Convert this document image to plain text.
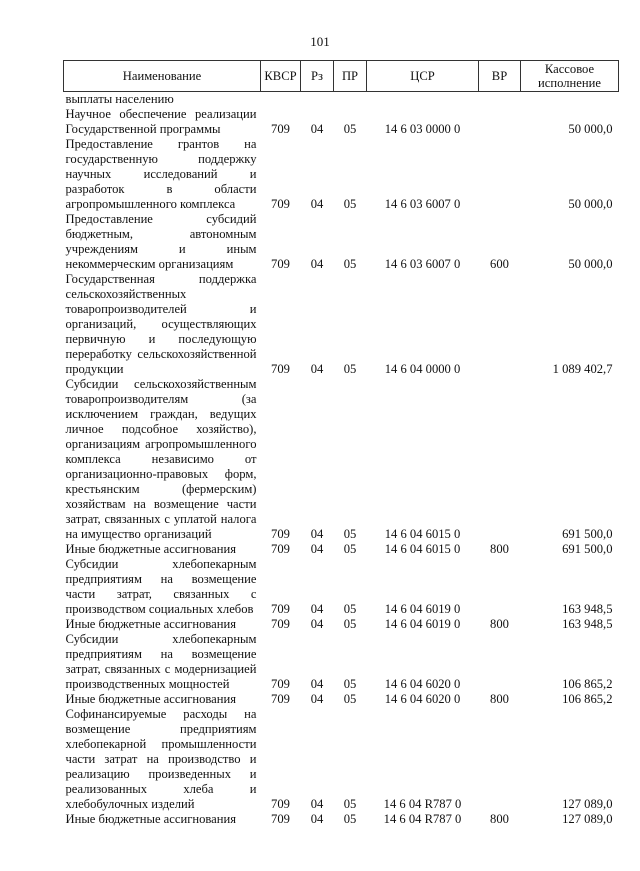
101
Наименование	КВСР	Рз	ПР	ЦСР	ВР	Кассовое исполнение
выплаты населению						
Научное обеспечение реализации Государственной программы	709	04	05	14 6 03 0000 0		50 000,0
Предоставление грантов на государственную поддержку научных исследований и разработок в области агропромышленного комплекса	709	04	05	14 6 03 6007 0		50 000,0
Предоставление субсидий бюджетным, автономным учреждениям и иным некоммерческим организациям	709	04	05	14 6 03 6007 0	600	50 000,0
Государственная поддержка сельскохозяйственных товаропроизводителей и организаций, осуществляющих первичную и последующую переработку сельскохозяйственной продукции	709	04	05	14 6 04 0000 0		1 089 402,7
Субсидии сельскохозяйственным товаропроизводителям (за исключением граждан, ведущих личное подсобное хозяйство), организациям агропромышленного комплекса независимо от организационно-правовых форм, крестьянским (фермерским) хозяйствам на возмещение части затрат, связанных с уплатой налога на имущество организаций	709	04	05	14 6 04 6015 0		691 500,0
Иные бюджетные ассигнования	709	04	05	14 6 04 6015 0	800	691 500,0
Субсидии хлебопекарным предприятиям на возмещение части затрат, связанных с производством социальных хлебов	709	04	05	14 6 04 6019 0		163 948,5
Иные бюджетные ассигнования	709	04	05	14 6 04 6019 0	800	163 948,5
Субсидии хлебопекарным предприятиям на возмещение затрат, связанных с модернизацией производственных мощностей	709	04	05	14 6 04 6020 0		106 865,2
Иные бюджетные ассигнования	709	04	05	14 6 04 6020 0	800	106 865,2
Софинансируемые расходы на возмещение предприятиям хлебопекарной промышленности части затрат на производство и реализацию произведенных и реализованных хлеба и хлебобулочных изделий	709	04	05	14 6 04 R787 0		127 089,0
Иные бюджетные ассигнования	709	04	05	14 6 04 R787 0	800	127 089,0
